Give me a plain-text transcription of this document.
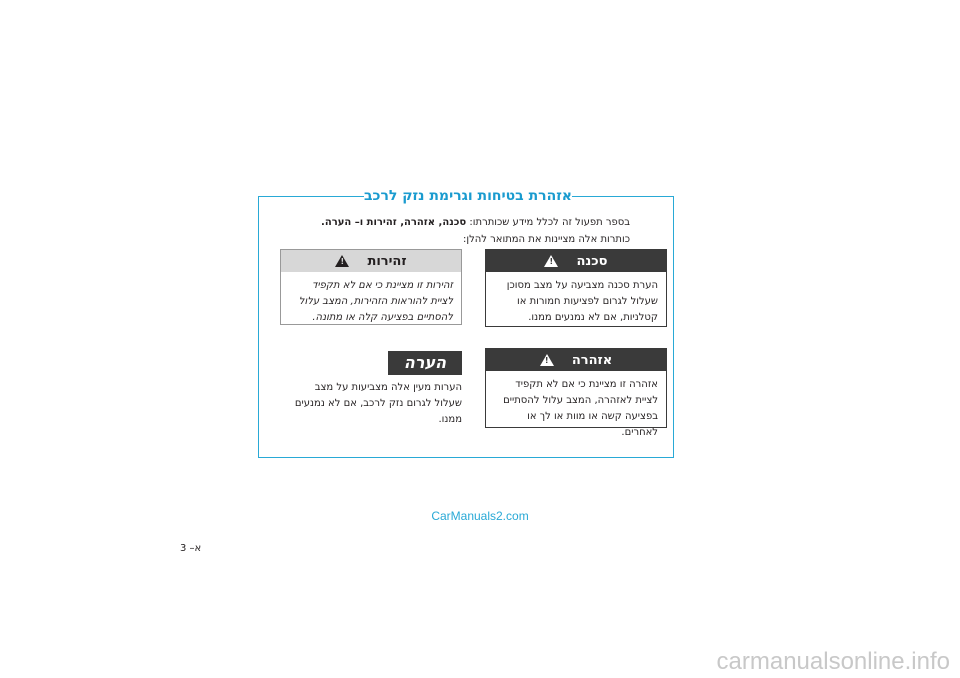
אזהרת בטיחות וגרימת נזק לרכב
בספר תפעול זה לכלל מידע שכותרתו: סכנה, אזהרה, זהירות ו– הערה.
כותרות אלה מציינות את המתואר להלן:
סכנה
!
הערת סכנה מצביעה על מצב מסוכן
שעלול לגרום לפציעות חמורות או
קטלניות, אם לא נמנעים ממנו.
אזהרה
!
אזהרה זו מציינת כי אם לא תקפיד
לציית לאזהרה, המצב עלול להסתיים
בפציעה קשה או מוות או לך או לאחרים.
זהירות
!
זהירות זו מציינת כי אם לא תקפיד
לציית להוראות הזהירות, המצב עלול
להסתיים בפציעה קלה או מתונה.
הערה
הערות מעין אלה מצביעות על מצב
שעלול לגרום נזק לרכב, אם לא נמנעים
ממנו.
CarManuals2.com
3 –א
carmanualsonline.info
